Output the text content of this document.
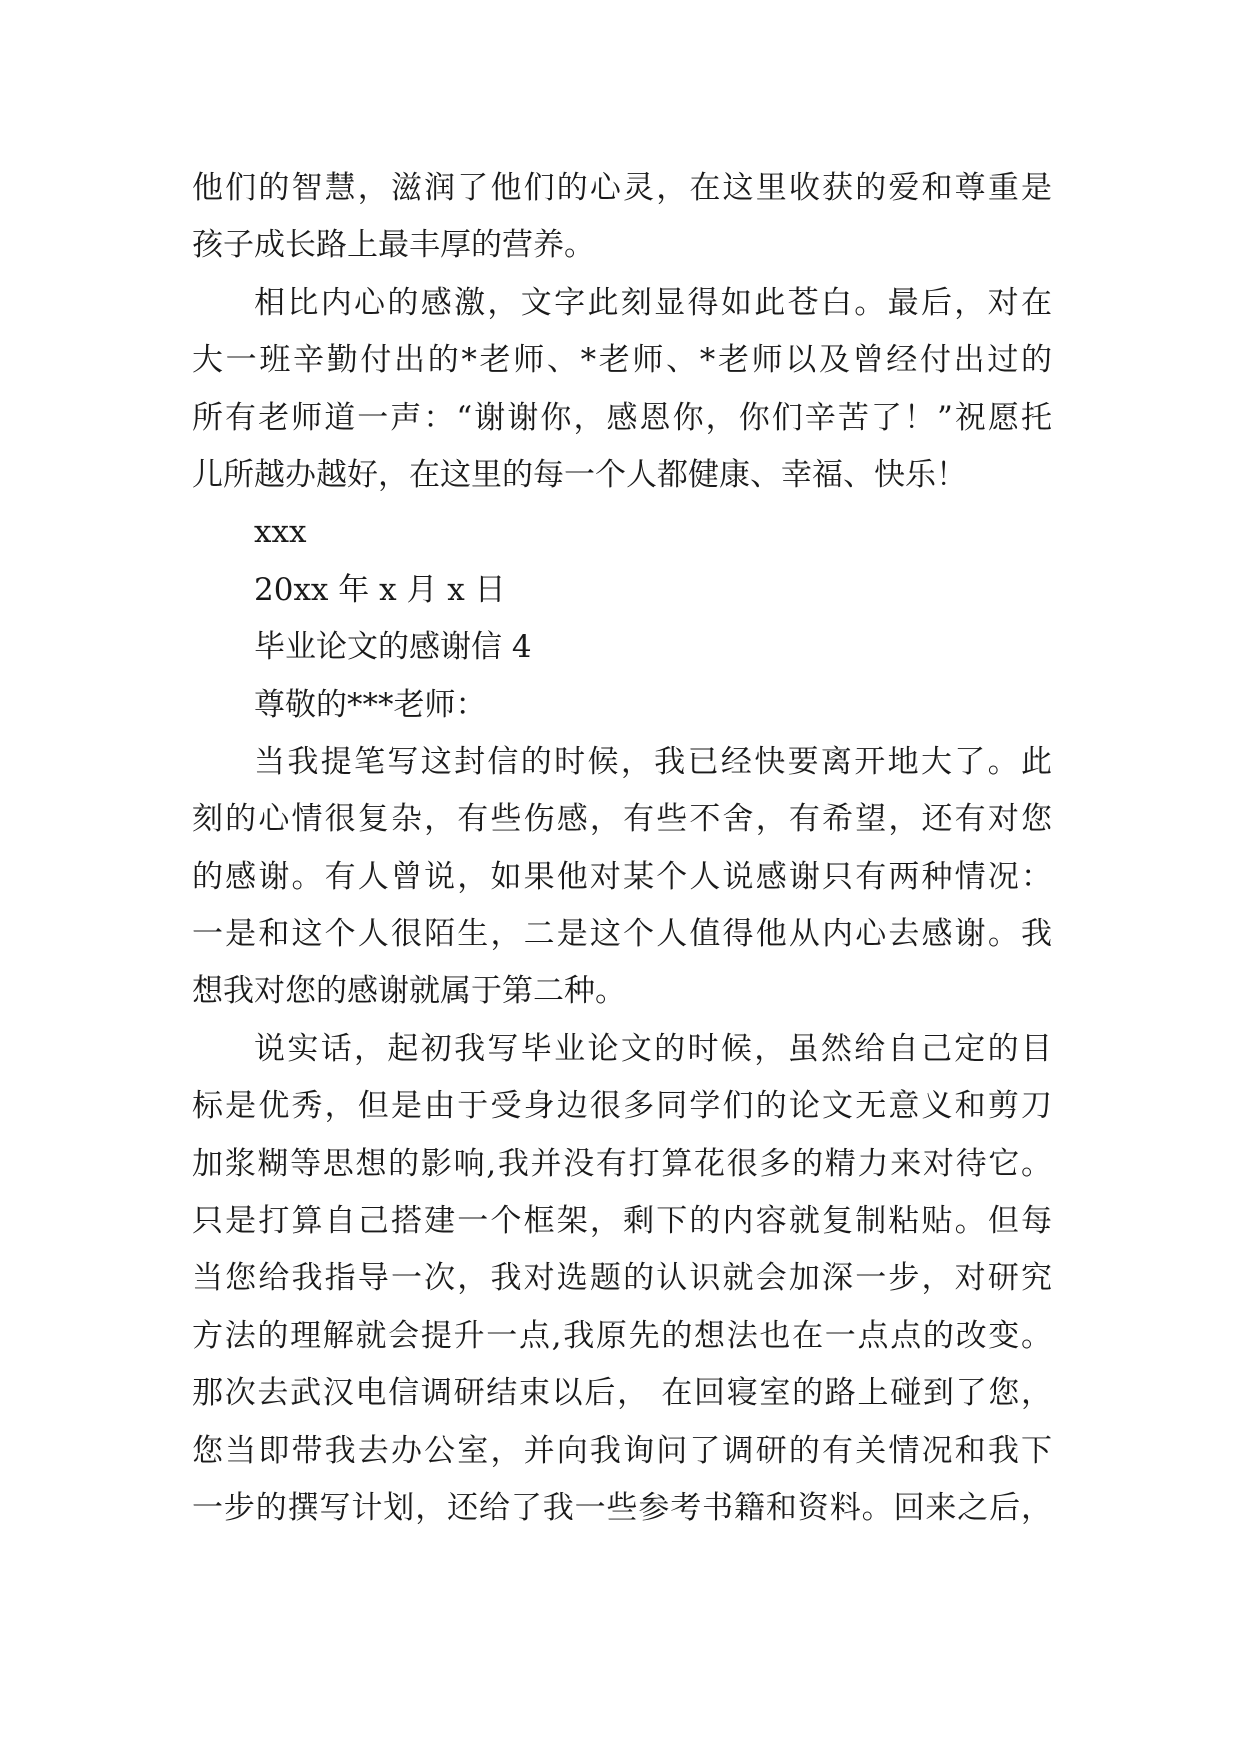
他们的智慧，滋润了他们的心灵，在这里收获的爱和尊重是
孩子成长路上最丰厚的营养。
相比内心的感激，文字此刻显得如此苍白。最后，对在
大一班辛勤付出的*老师、*老师、*老师以及曾经付出过的
所有老师道一声：“谢谢你，感恩你，你们辛苦了！”祝愿托
儿所越办越好，在这里的每一个人都健康、幸福、快乐！
xxx
20xx 年 x 月 x 日
毕业论文的感谢信 4
尊敬的***老师：
当我提笔写这封信的时候，我已经快要离开地大了。此
刻的心情很复杂，有些伤感，有些不舍，有希望，还有对您
的感谢。有人曾说，如果他对某个人说感谢只有两种情况：
一是和这个人很陌生，二是这个人值得他从内心去感谢。我
想我对您的感谢就属于第二种。
说实话，起初我写毕业论文的时候，虽然给自己定的目
标是优秀，但是由于受身边很多同学们的论文无意义和剪刀
加浆糊等思想的影响,我并没有打算花很多的精力来对待它。
只是打算自己搭建一个框架，剩下的内容就复制粘贴。但每
当您给我指导一次，我对选题的认识就会加深一步，对研究
方法的理解就会提升一点,我原先的想法也在一点点的改变。
那次去武汉电信调研结束以后， 在回寝室的路上碰到了您，
您当即带我去办公室，并向我询问了调研的有关情况和我下
一步的撰写计划，还给了我一些参考书籍和资料。回来之后，
